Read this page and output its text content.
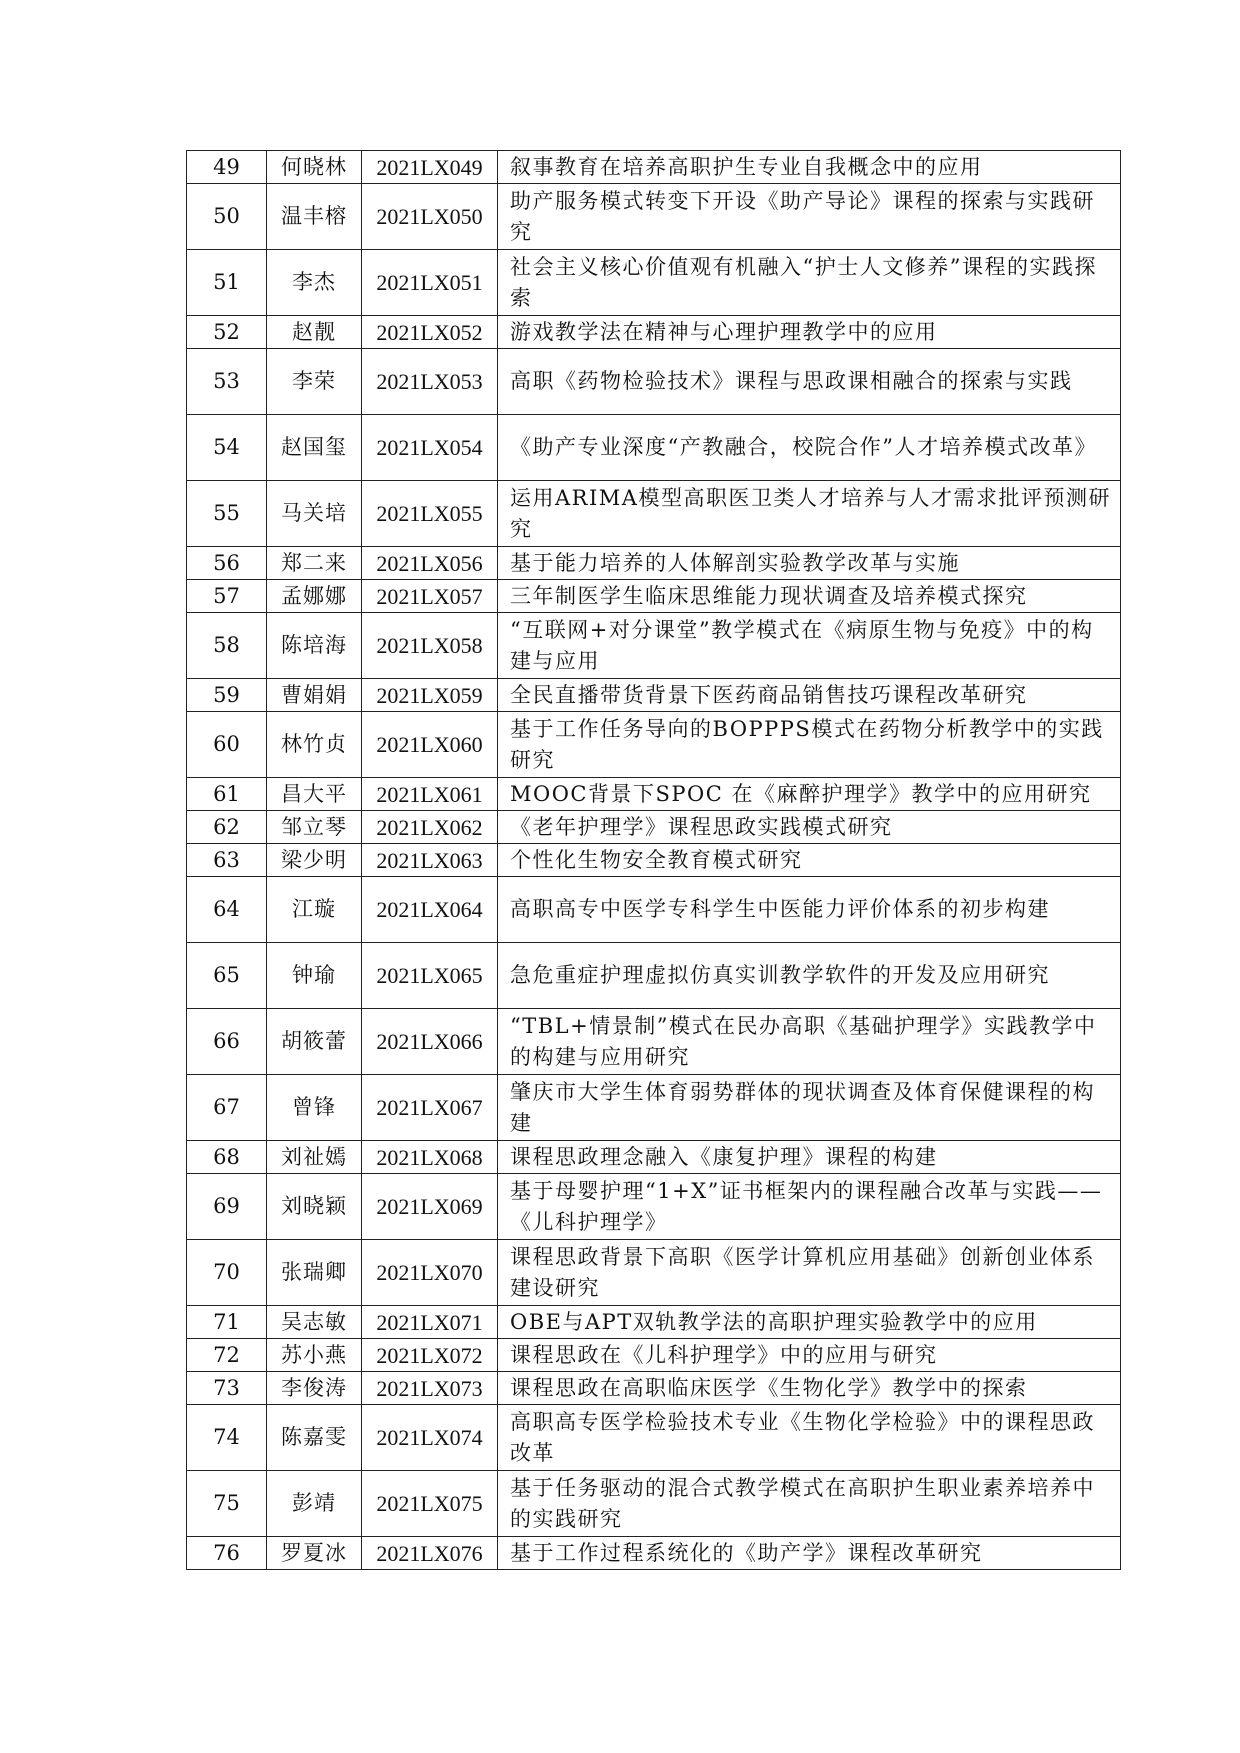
49	何晓林	2021LX049	叙事教育在培养高职护生专业自我概念中的应用
50	温丰榕	2021LX050	助产服务模式转变下开设《助产导论》课程的探索与实践研究
51	李杰	2021LX051	社会主义核心价值观有机融入“护士人文修养”课程的实践探索
52	赵靓	2021LX052	游戏教学法在精神与心理护理教学中的应用
53	李荣	2021LX053	高职《药物检验技术》课程与思政课相融合的探索与实践
54	赵国玺	2021LX054	《助产专业深度“产教融合，校院合作”人才培养模式改革》
55	马关培	2021LX055	运用ARIMA模型高职医卫类人才培养与人才需求批评预测研究
56	郑二来	2021LX056	基于能力培养的人体解剖实验教学改革与实施
57	孟娜娜	2021LX057	三年制医学生临床思维能力现状调查及培养模式探究
58	陈培海	2021LX058	“互联网+对分课堂”教学模式在《病原生物与免疫》中的构建与应用
59	曹娟娟	2021LX059	全民直播带货背景下医药商品销售技巧课程改革研究
60	林竹贞	2021LX060	基于工作任务导向的BOPPPS模式在药物分析教学中的实践研究
61	昌大平	2021LX061	MOOC背景下SPOC 在《麻醉护理学》教学中的应用研究
62	邹立琴	2021LX062	《老年护理学》课程思政实践模式研究
63	梁少明	2021LX063	个性化生物安全教育模式研究
64	江璇	2021LX064	高职高专中医学专科学生中医能力评价体系的初步构建
65	钟瑜	2021LX065	急危重症护理虚拟仿真实训教学软件的开发及应用研究
66	胡筱蕾	2021LX066	“TBL+情景制”模式在民办高职《基础护理学》实践教学中的构建与应用研究
67	曾锋	2021LX067	肇庆市大学生体育弱势群体的现状调查及体育保健课程的构建
68	刘祉嫣	2021LX068	课程思政理念融入《康复护理》课程的构建
69	刘晓颖	2021LX069	基于母婴护理“1+X”证书框架内的课程融合改革与实践——《儿科护理学》
70	张瑞卿	2021LX070	课程思政背景下高职《医学计算机应用基础》创新创业体系建设研究
71	吴志敏	2021LX071	OBE与APT双轨教学法的高职护理实验教学中的应用
72	苏小燕	2021LX072	课程思政在《儿科护理学》中的应用与研究
73	李俊涛	2021LX073	课程思政在高职临床医学《生物化学》教学中的探索
74	陈嘉雯	2021LX074	高职高专医学检验技术专业《生物化学检验》中的课程思政改革
75	彭靖	2021LX075	基于任务驱动的混合式教学模式在高职护生职业素养培养中的实践研究
76	罗夏冰	2021LX076	基于工作过程系统化的《助产学》课程改革研究
